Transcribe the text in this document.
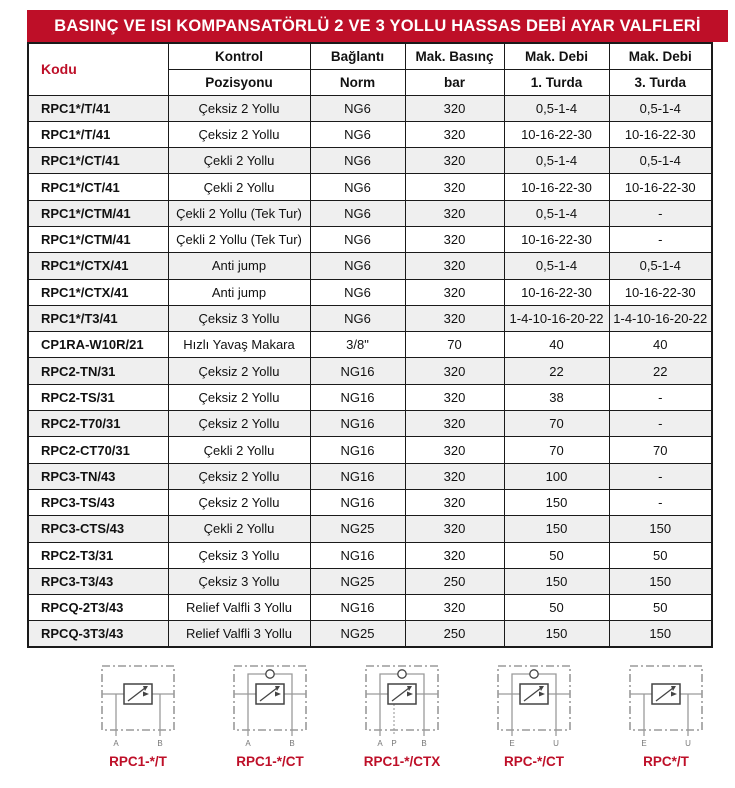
BASINÇ VE ISI KOMPANSATÖRLÜ 2 VE 3 YOLLU HASSAS DEBİ AYAR VALFLERİ
Kodu	Kontrol	Bağlantı	Mak. Basınç	Mak. Debi	Mak. Debi
	Pozisyonu	Norm	bar	1. Turda	3. Turda
RPC1*/T/41	Çeksiz 2 Yollu	NG6	320	0,5-1-4	0,5-1-4
RPC1*/T/41	Çeksiz 2 Yollu	NG6	320	10-16-22-30	10-16-22-30
RPC1*/CT/41	Çekli 2 Yollu	NG6	320	0,5-1-4	0,5-1-4
RPC1*/CT/41	Çekli 2 Yollu	NG6	320	10-16-22-30	10-16-22-30
RPC1*/CTM/41	Çekli 2 Yollu (Tek Tur)	NG6	320	0,5-1-4	-
RPC1*/CTM/41	Çekli 2 Yollu (Tek Tur)	NG6	320	10-16-22-30	-
RPC1*/CTX/41	Anti jump	NG6	320	0,5-1-4	0,5-1-4
RPC1*/CTX/41	Anti jump	NG6	320	10-16-22-30	10-16-22-30
RPC1*/T3/41	Çeksiz 3 Yollu	NG6	320	1-4-10-16-20-22	1-4-10-16-20-22
CP1RA-W10R/21	Hızlı Yavaş Makara	3/8"	70	40	40
RPC2-TN/31	Çeksiz 2 Yollu	NG16	320	22	22
RPC2-TS/31	Çeksiz 2 Yollu	NG16	320	38	-
RPC2-T70/31	Çeksiz 2 Yollu	NG16	320	70	-
RPC2-CT70/31	Çekli 2 Yollu	NG16	320	70	70
RPC3-TN/43	Çeksiz 2 Yollu	NG16	320	100	-
RPC3-TS/43	Çeksiz 2 Yollu	NG16	320	150	-
RPC3-CTS/43	Çekli 2 Yollu	NG25	320	150	150
RPC2-T3/31	Çeksiz 3 Yollu	NG16	320	50	50
RPC3-T3/43	Çeksiz 3 Yollu	NG25	250	150	150
RPCQ-2T3/43	Relief Valfli 3 Yollu	NG16	320	50	50
RPCQ-3T3/43	Relief Valfli 3 Yollu	NG25	250	150	150
A	B
RPC1-*/T
A	B
RPC1-*/CT
A P	B
RPC1-*/CTX
E	U
RPC-*/CT
E	U
RPC*/T
